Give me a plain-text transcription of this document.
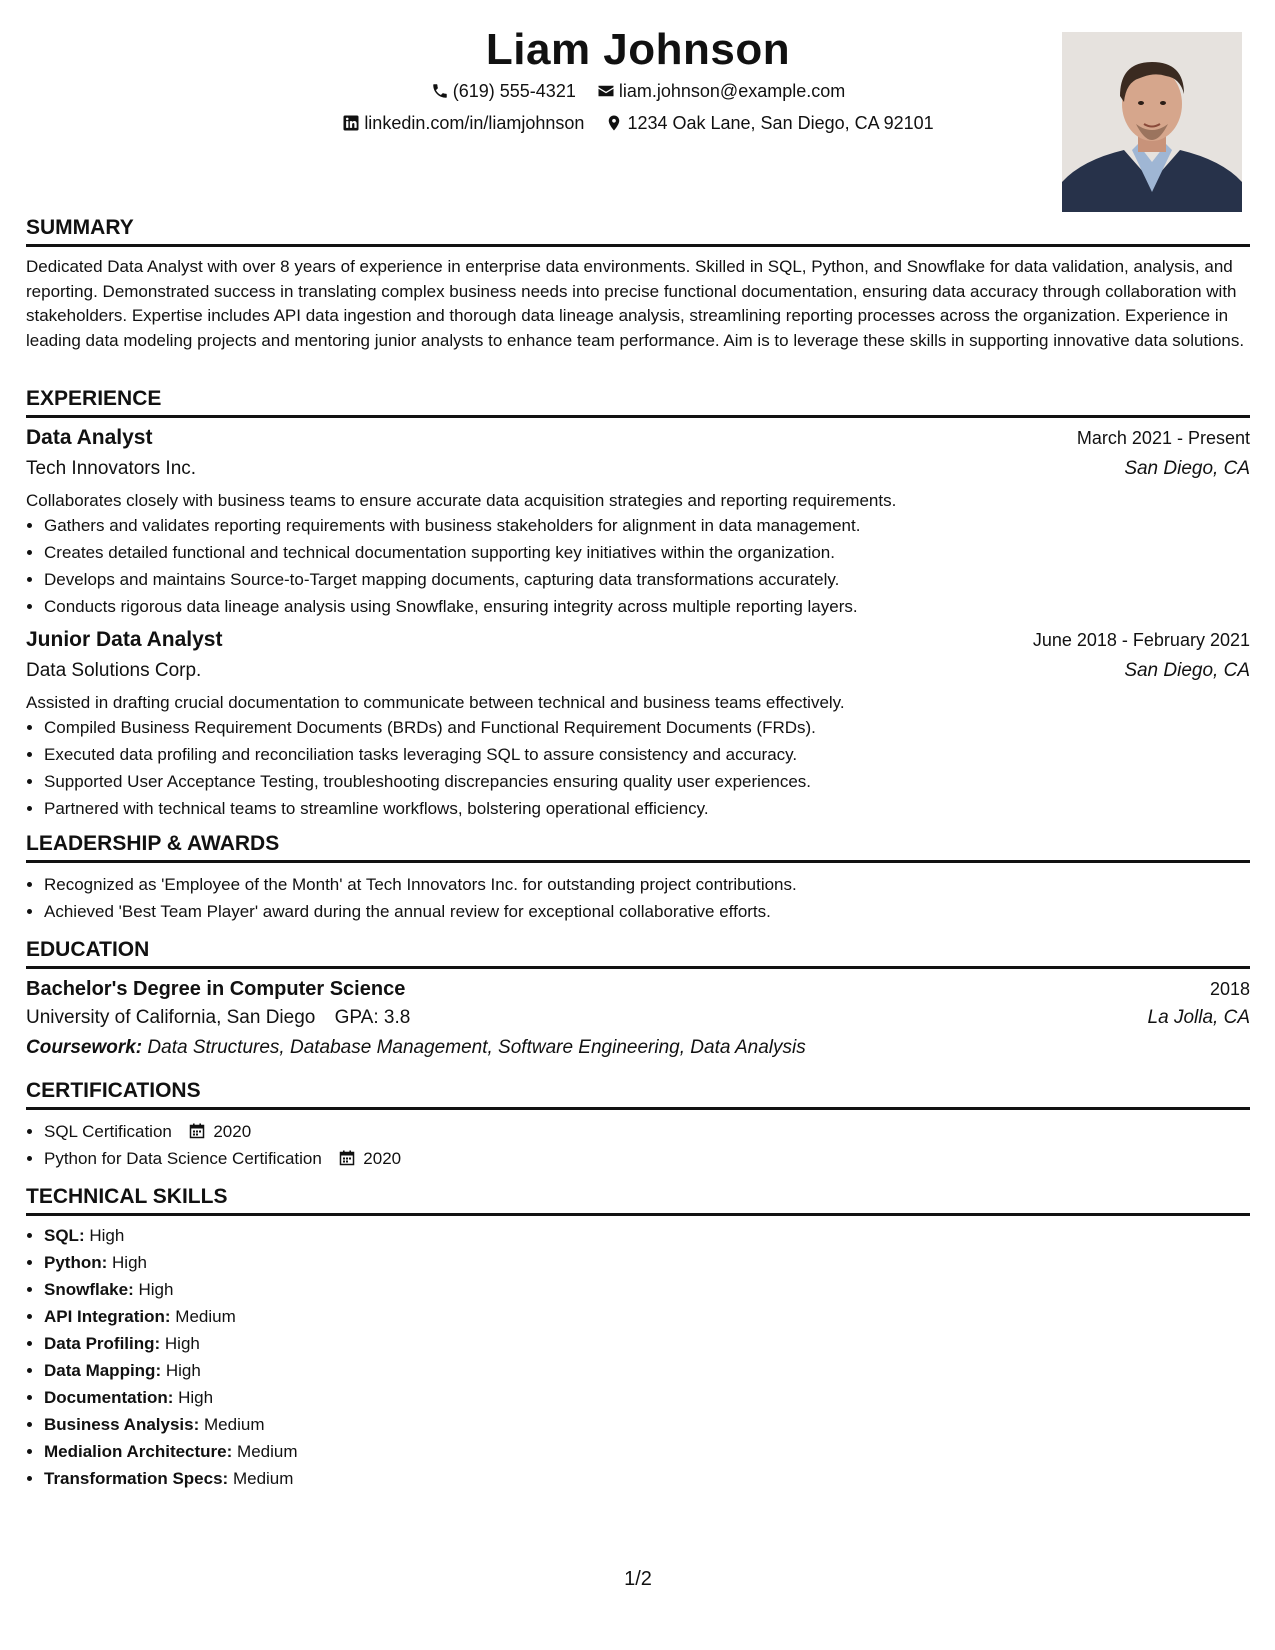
Liam Johnson
(619) 555-4321
liam.johnson@example.com
linkedin.com/in/liamjohnson
1234 Oak Lane, San Diego, CA 92101
SUMMARY
Dedicated Data Analyst with over 8 years of experience in enterprise data environments. Skilled in SQL, Python, and Snowflake for data validation, analysis, and reporting. Demonstrated success in translating complex business needs into precise functional documentation, ensuring data accuracy through collaboration with stakeholders. Expertise includes API data ingestion and thorough data lineage analysis, streamlining reporting processes across the organization. Experience in leading data modeling projects and mentoring junior analysts to enhance team performance. Aim is to leverage these skills in supporting innovative data solutions.
EXPERIENCE
Data Analyst	March 2021 - Present
Tech Innovators Inc.	San Diego, CA
Collaborates closely with business teams to ensure accurate data acquisition strategies and reporting requirements.
• Gathers and validates reporting requirements with business stakeholders for alignment in data management.
• Creates detailed functional and technical documentation supporting key initiatives within the organization.
• Develops and maintains Source-to-Target mapping documents, capturing data transformations accurately.
• Conducts rigorous data lineage analysis using Snowflake, ensuring integrity across multiple reporting layers.
Junior Data Analyst	June 2018 - February 2021
Data Solutions Corp.	San Diego, CA
Assisted in drafting crucial documentation to communicate between technical and business teams effectively.
• Compiled Business Requirement Documents (BRDs) and Functional Requirement Documents (FRDs).
• Executed data profiling and reconciliation tasks leveraging SQL to assure consistency and accuracy.
• Supported User Acceptance Testing, troubleshooting discrepancies ensuring quality user experiences.
• Partnered with technical teams to streamline workflows, bolstering operational efficiency.
LEADERSHIP & AWARDS
• Recognized as 'Employee of the Month' at Tech Innovators Inc. for outstanding project contributions.
• Achieved 'Best Team Player' award during the annual review for exceptional collaborative efforts.
EDUCATION
Bachelor's Degree in Computer Science	2018
University of California, San Diego GPA: 3.8	La Jolla, CA
Coursework: Data Structures, Database Management, Software Engineering, Data Analysis
CERTIFICATIONS
• SQL Certification 2020
• Python for Data Science Certification 2020
TECHNICAL SKILLS
• SQL: High
• Python: High
• Snowflake: High
• API Integration: Medium
• Data Profiling: High
• Data Mapping: High
• Documentation: High
• Business Analysis: Medium
• Medialion Architecture: Medium
• Transformation Specs: Medium
1/2
